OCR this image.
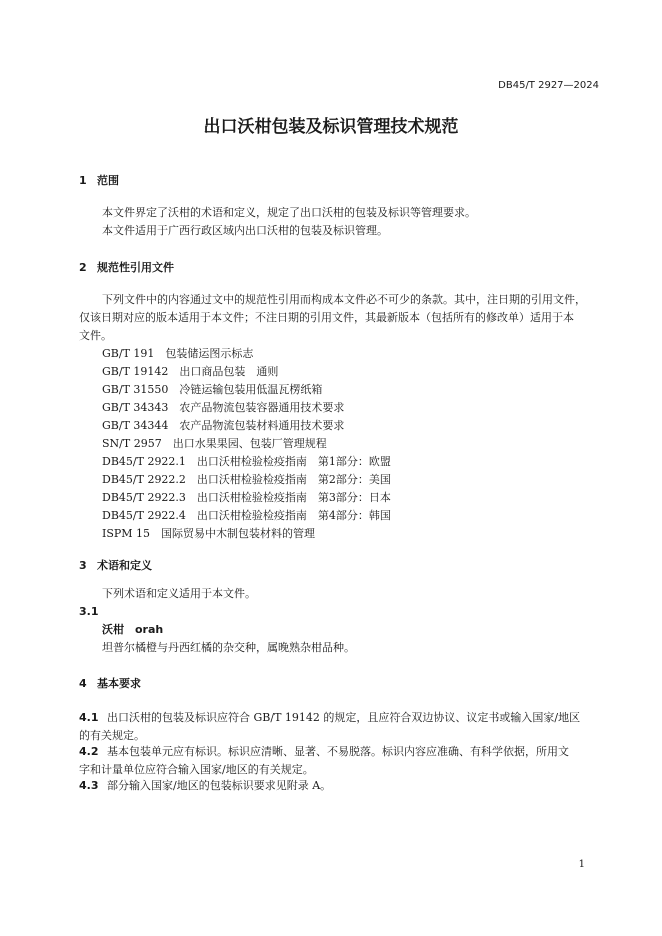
DB45/T 2927—2024
出口沃柑包装及标识管理技术规范
1 范围
本文件界定了沃柑的术语和定义，规定了出口沃柑的包装及标识等管理要求。
本文件适用于广西行政区域内出口沃柑的包装及标识管理。
2 规范性引用文件
下列文件中的内容通过文中的规范性引用而构成本文件必不可少的条款。其中，注日期的引用文件，
仅该日期对应的版本适用于本文件；不注日期的引用文件，其最新版本（包括所有的修改单）适用于本
文件。
GB/T 191　包装储运图示标志
GB/T 19142　出口商品包装　通则
GB/T 31550　冷链运输包装用低温瓦楞纸箱
GB/T 34343　农产品物流包装容器通用技术要求
GB/T 34344　农产品物流包装材料通用技术要求
SN/T 2957　出口水果果园、包装厂管理规程
DB45/T 2922.1　出口沃柑检验检疫指南　第1部分：欧盟
DB45/T 2922.2　出口沃柑检验检疫指南　第2部分：美国
DB45/T 2922.3　出口沃柑检验检疫指南　第3部分：日本
DB45/T 2922.4　出口沃柑检验检疫指南　第4部分：韩国
ISPM 15　国际贸易中木制包装材料的管理
3 术语和定义
下列术语和定义适用于本文件。
3.1
沃柑　orah
坦普尔橘橙与丹西红橘的杂交种，属晚熟杂柑品种。
4 基本要求
4.1 出口沃柑的包装及标识应符合 GB/T 19142 的规定，且应符合双边协议、议定书或输入国家/地区
的有关规定。
4.2 基本包装单元应有标识。标识应清晰、显著、不易脱落。标识内容应准确、有科学依据，所用文
字和计量单位应符合输入国家/地区的有关规定。
4.3 部分输入国家/地区的包装标识要求见附录 A。
1
